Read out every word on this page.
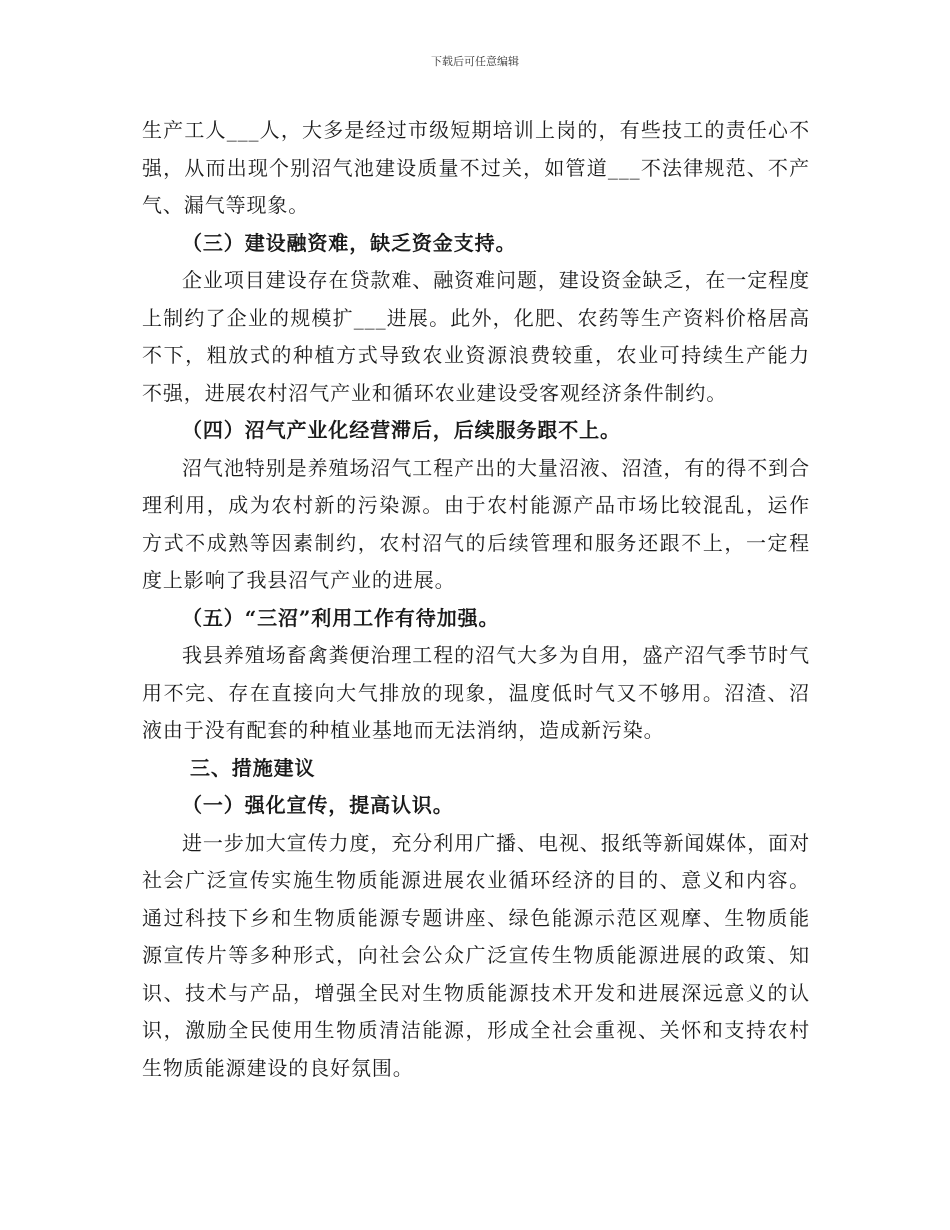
下载后可任意编辑

生产工人___人，大多是经过市级短期培训上岗的，有些技工的责任心不强，从而出现个别沼气池建设质量不过关，如管道___不法律规范、不产气、漏气等现象。

（三）建设融资难，缺乏资金支持。

企业项目建设存在贷款难、融资难问题，建设资金缺乏，在一定程度上制约了企业的规模扩___进展。此外，化肥、农药等生产资料价格居高不下，粗放式的种植方式导致农业资源浪费较重，农业可持续生产能力不强，进展农村沼气产业和循环农业建设受客观经济条件制约。

（四）沼气产业化经营滞后，后续服务跟不上。

沼气池特别是养殖场沼气工程产出的大量沼液、沼渣，有的得不到合理利用，成为农村新的污染源。由于农村能源产品市场比较混乱，运作方式不成熟等因素制约，农村沼气的后续管理和服务还跟不上，一定程度上影响了我县沼气产业的进展。

（五）“三沼”利用工作有待加强。

我县养殖场畜禽粪便治理工程的沼气大多为自用，盛产沼气季节时气用不完、存在直接向大气排放的现象，温度低时气又不够用。沼渣、沼液由于没有配套的种植业基地而无法消纳，造成新污染。

三、措施建议

（一）强化宣传，提高认识。

进一步加大宣传力度，充分利用广播、电视、报纸等新闻媒体，面对社会广泛宣传实施生物质能源进展农业循环经济的目的、意义和内容。通过科技下乡和生物质能源专题讲座、绿色能源示范区观摩、生物质能源宣传片等多种形式，向社会公众广泛宣传生物质能源进展的政策、知识、技术与产品，增强全民对生物质能源技术开发和进展深远意义的认识，激励全民使用生物质清洁能源，形成全社会重视、关怀和支持农村生物质能源建设的良好氛围。
